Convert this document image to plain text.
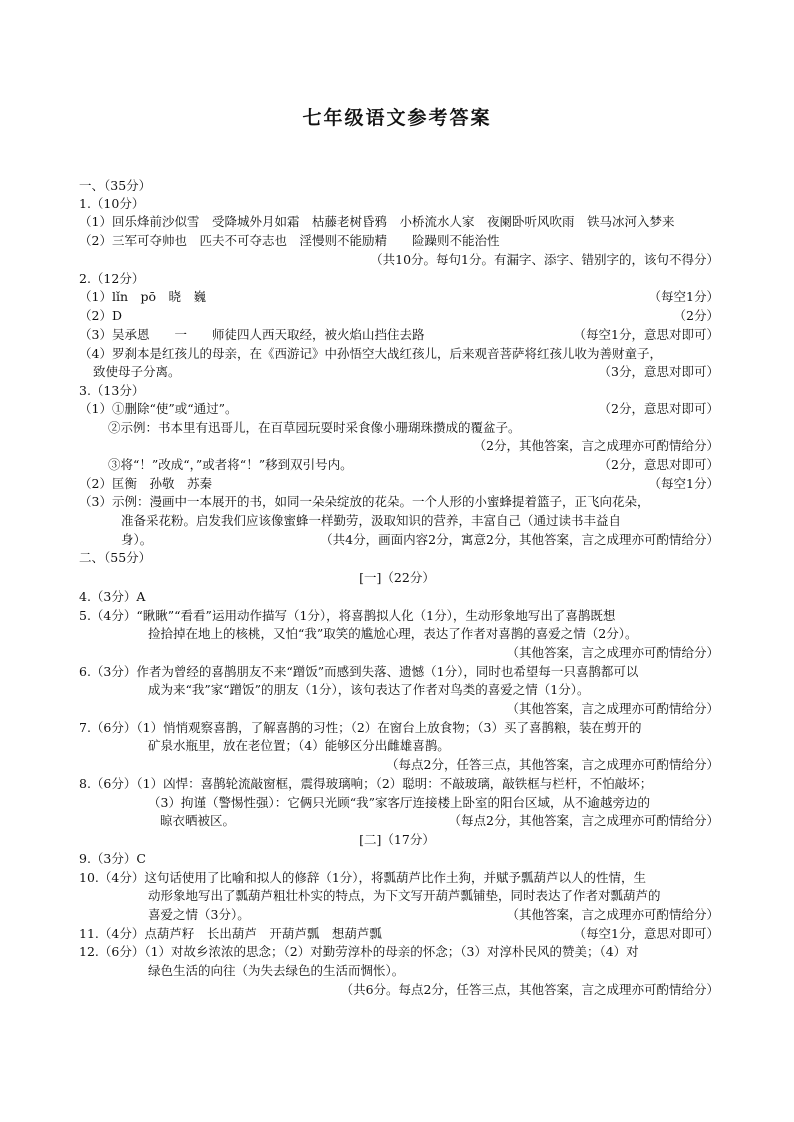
七年级语文参考答案
一、（35分）
1.（10分）
（1）回乐烽前沙似雪　受降城外月如霜　枯藤老树昏鸦　小桥流水人家　夜阑卧听风吹雨　铁马冰河入梦来
（2）三军可夺帅也　匹夫不可夺志也　淫慢则不能励精　　险躁则不能治性
（共10分。每句1分。有漏字、添字、错别字的，该句不得分）
2.（12分）
（1）lǐn　pō　晓　巍	（每空1分）
（2）D	（2分）
（3）吴承恩　　一　　师徒四人西天取经，被火焰山挡住去路	（每空1分，意思对即可）
（4）罗刹本是红孩儿的母亲，在《西游记》中孙悟空大战红孩儿，后来观音菩萨将红孩儿收为善财童子，
致使母子分离。	（3分，意思对即可）
3.（13分）
（1）①删除“使”或“通过”。	（2分，意思对即可）
②示例：书本里有迅哥儿，在百草园玩耍时采食像小珊瑚珠攒成的覆盆子。
（2分，其他答案，言之成理亦可酌情给分）
③将“！”改成“，”或者将“！”移到双引号内。	（2分，意思对即可）
（2）匡衡　孙敬　苏秦	（每空1分）
（3）示例：漫画中一本展开的书，如同一朵朵绽放的花朵。一个人形的小蜜蜂提着篮子，正飞向花朵，
准备采花粉。启发我们应该像蜜蜂一样勤劳，汲取知识的营养，丰富自己（通过读书丰益自
身）。	（共4分，画面内容2分，寓意2分，其他答案，言之成理亦可酌情给分）
二、（55分）
[一]（22分）
4.（3分）A
5.（4分）“瞅瞅”“看看”运用动作描写（1分），将喜鹊拟人化（1分），生动形象地写出了喜鹊既想
捡拾掉在地上的核桃，又怕“我”取笑的尴尬心理，表达了作者对喜鹊的喜爱之情（2分）。
（其他答案，言之成理亦可酌情给分）
6.（3分）作者为曾经的喜鹊朋友不来“蹭饭”而感到失落、遗憾（1分），同时也希望每一只喜鹊都可以
成为来“我”家“蹭饭”的朋友（1分），该句表达了作者对鸟类的喜爱之情（1分）。
（其他答案，言之成理亦可酌情给分）
7.（6分）（1）悄悄观察喜鹊，了解喜鹊的习性；（2）在窗台上放食物；（3）买了喜鹊粮，装在剪开的
矿泉水瓶里，放在老位置；（4）能够区分出雌雄喜鹊。
（每点2分，任答三点，其他答案，言之成理亦可酌情给分）
8.（6分）（1）凶悍：喜鹊轮流敲窗框，震得玻璃响；（2）聪明：不敲玻璃，敲铁框与栏杆，不怕敲坏；
（3）拘谨（警惕性强）：它俩只光顾“我”家客厅连接楼上卧室的阳台区域，从不逾越旁边的
晾衣晒被区。	（每点2分，其他答案，言之成理亦可酌情给分）
[二]（17分）
9.（3分）C
10.（4分）这句话使用了比喻和拟人的修辞（1分），将瓢葫芦比作土狗，并赋予瓢葫芦以人的性情，生
动形象地写出了瓢葫芦粗壮朴实的特点，为下文写开葫芦瓢铺垫，同时表达了作者对瓢葫芦的
喜爱之情（3分）。	（其他答案，言之成理亦可酌情给分）
11.（4分）点葫芦籽　长出葫芦　开葫芦瓢　想葫芦瓢	（每空1分，意思对即可）
12.（6分）（1）对故乡浓浓的思念；（2）对勤劳淳朴的母亲的怀念；（3）对淳朴民风的赞美；（4）对
绿色生活的向往（为失去绿色的生活而惆怅）。
（共6分。每点2分，任答三点，其他答案，言之成理亦可酌情给分）
